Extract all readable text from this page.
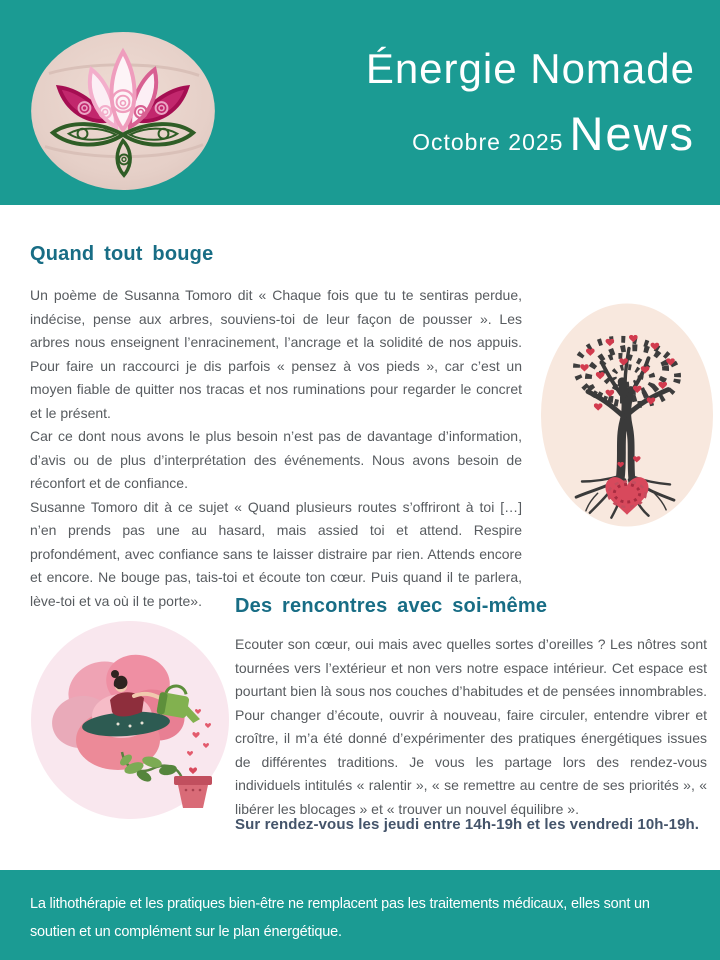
Énergie Nomade
Octobre 2025 News
Quand tout bouge

Un poème de Susanna Tomoro dit « Chaque fois que tu te sentiras perdue, indécise, pense aux arbres, souviens-toi de leur façon de pousser ». Les arbres nous enseignent l’enracinement, l’ancrage et la solidité de nos appuis. Pour faire un raccourci je dis parfois « pensez à vos pieds », car c’est un moyen fiable de quitter nos tracas et nos ruminations pour regarder le concret et le présent.

Car ce dont nous avons le plus besoin n’est pas de davantage d’information, d’avis ou de plus d’interprétation des événements. Nous avons besoin de réconfort et de confiance.

Susanne Tomoro dit à ce sujet « Quand plusieurs routes s’offriront à toi […] n’en prends pas une au hasard, mais assied toi et attend. Respire profondément, avec confiance sans te laisser distraire par rien. Attends encore et encore. Ne bouge pas, tais-toi et écoute ton cœur. Puis quand il te parlera, lève-toi et va où il te porte».	Des rencontres avec soi-même

Ecouter son cœur, oui mais avec quelles sortes d’oreilles ? Les nôtres sont tournées vers l’extérieur et non vers notre espace intérieur. Cet espace est pourtant bien là sous nos couches d’habitudes et de pensées innombrables. Pour changer d’écoute, ouvrir à nouveau, faire circuler, entendre vibrer et croître, il m’a été donné d’expérimenter des pratiques énergétiques issues de différentes traditions. Je vous les partage lors des rendez-vous individuels intitulés « ralentir », « se remettre au centre de ses priorités », « libérer les blocages » et « trouver un nouvel équilibre ».

Sur rendez-vous les jeudi entre 14h-19h et les vendredi 10h-19h.
La lithothérapie et les pratiques bien-être ne remplacent pas les traitements médicaux, elles sont un soutien et un complément sur le plan énergétique.
